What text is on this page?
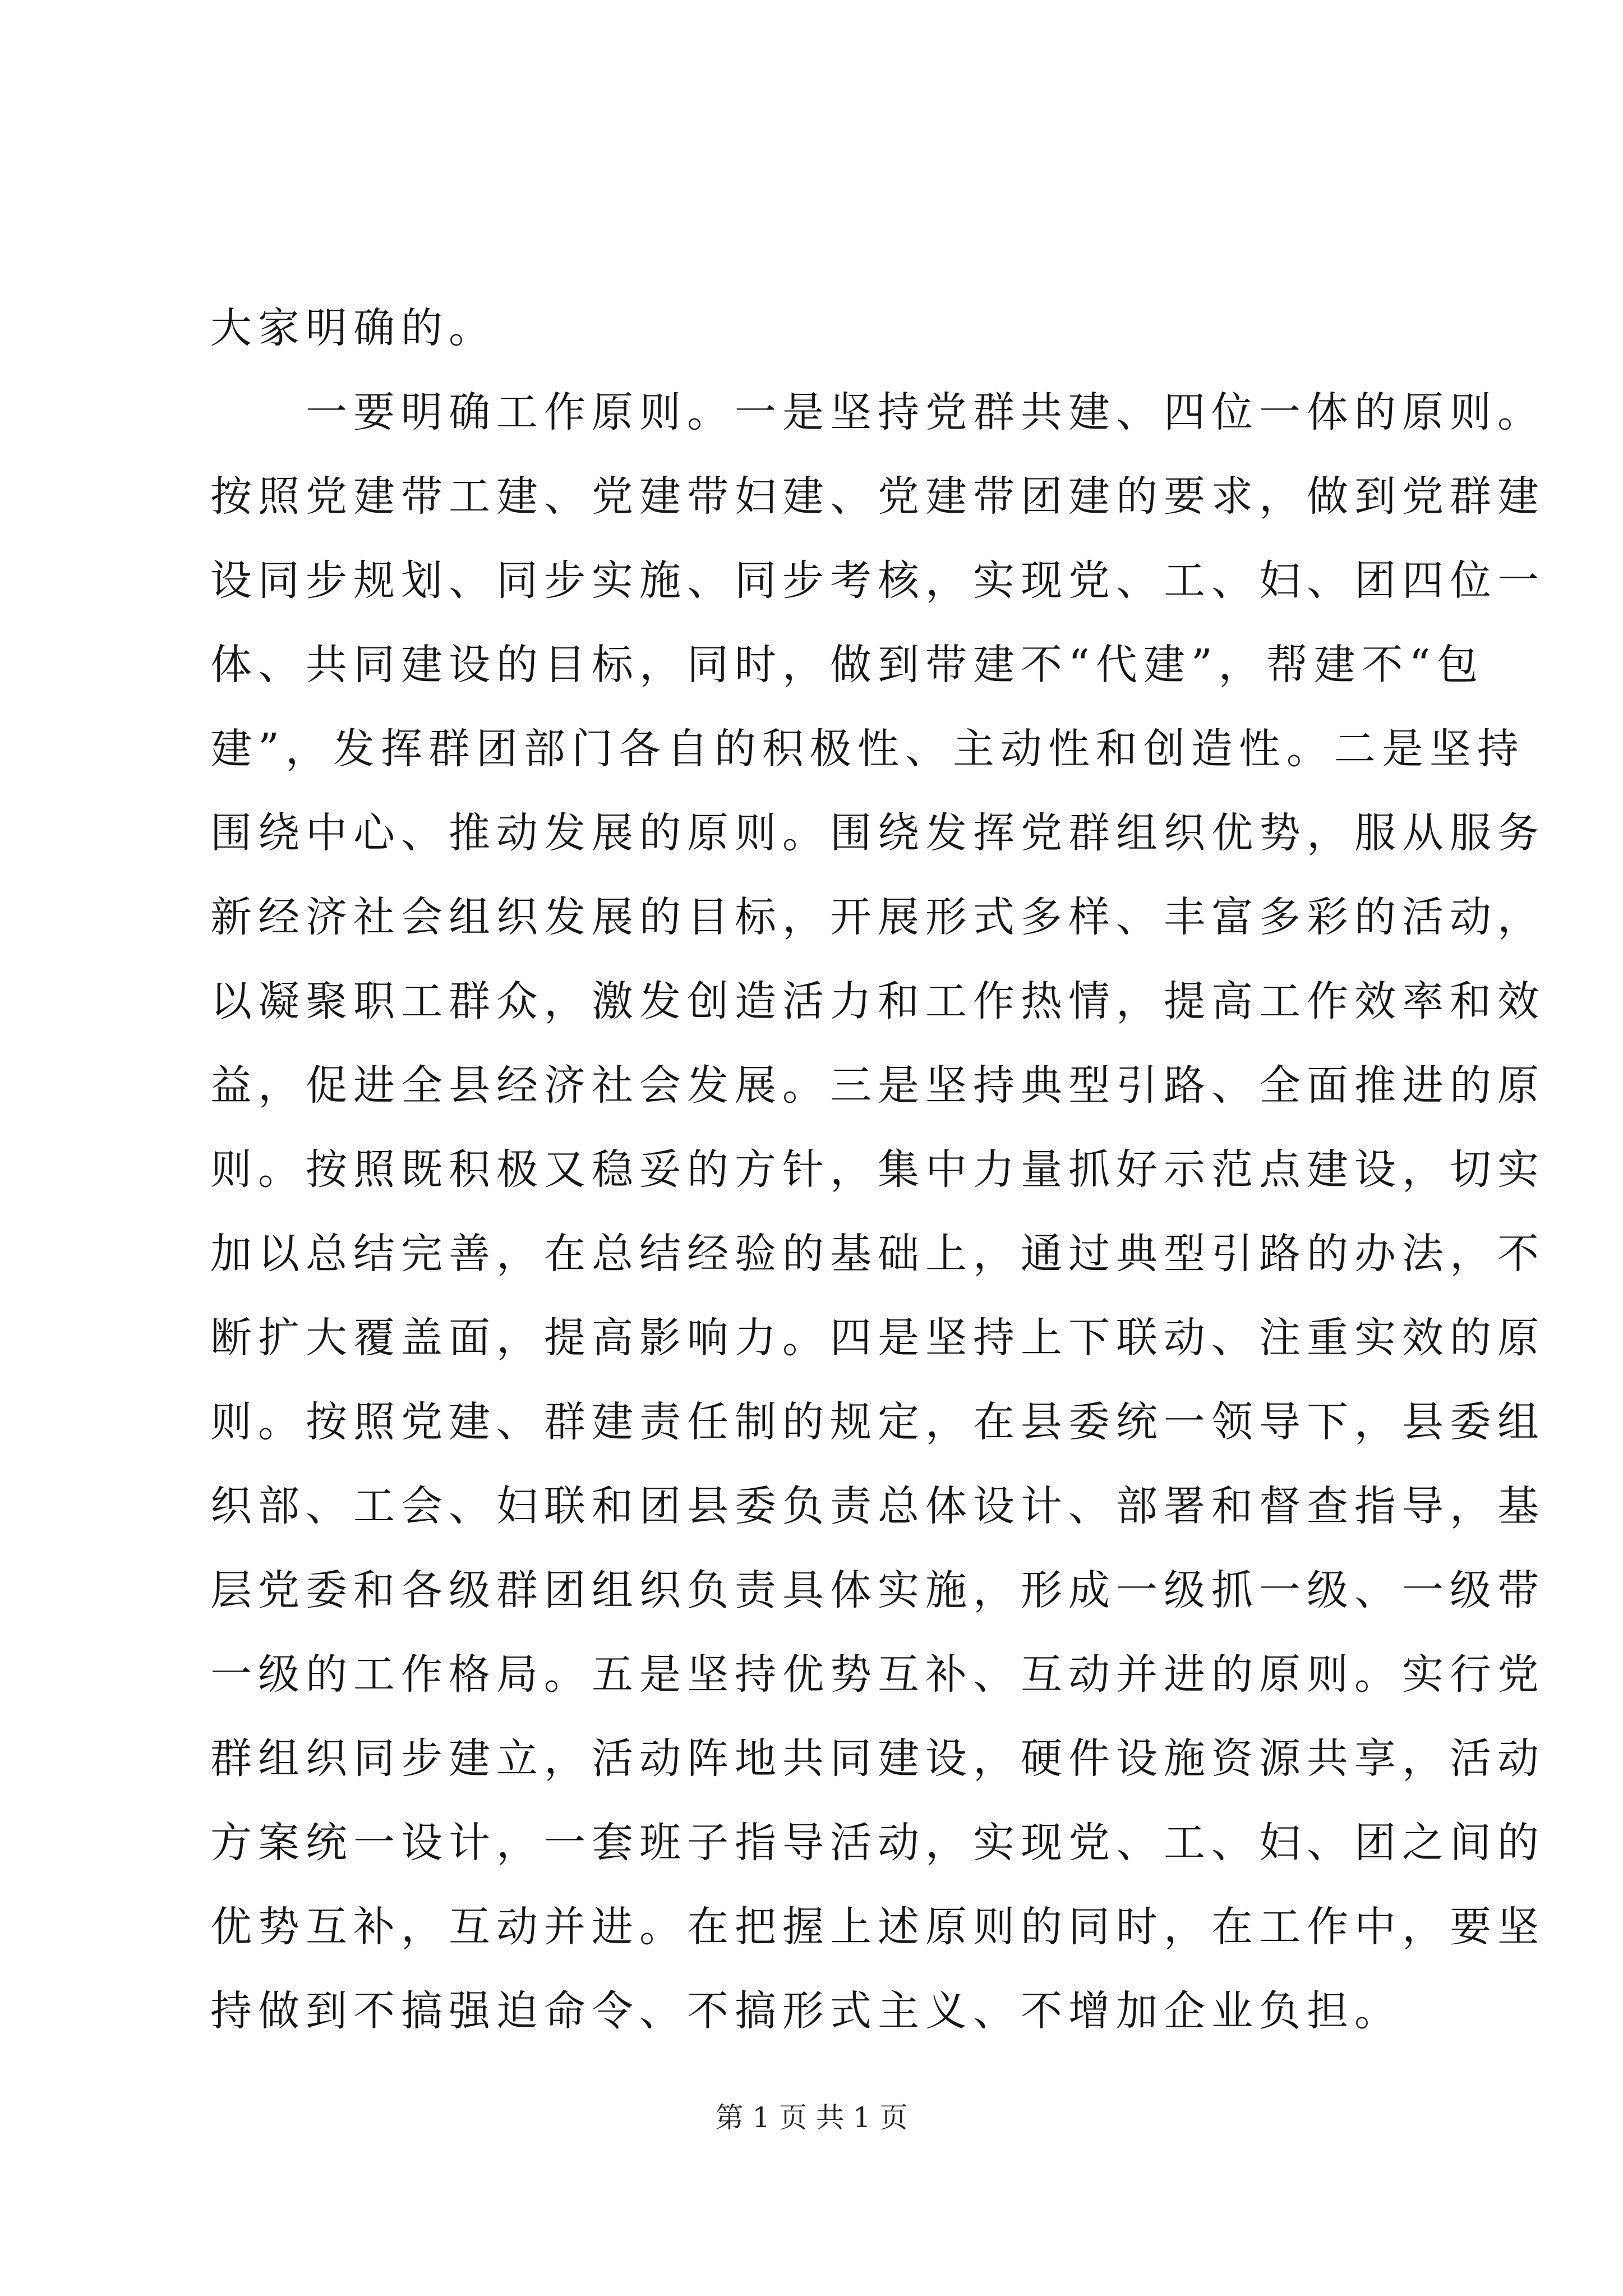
大家明确的。
　　一要明确工作原则。一是坚持党群共建、四位一体的原则。
按照党建带工建、党建带妇建、党建带团建的要求，做到党群建
设同步规划、同步实施、同步考核，实现党、工、妇、团四位一
体、共同建设的目标，同时，做到带建不“代建”，帮建不“包
建”，发挥群团部门各自的积极性、主动性和创造性。二是坚持
围绕中心、推动发展的原则。围绕发挥党群组织优势，服从服务
新经济社会组织发展的目标，开展形式多样、丰富多彩的活动，
以凝聚职工群众，激发创造活力和工作热情，提高工作效率和效
益，促进全县经济社会发展。三是坚持典型引路、全面推进的原
则。按照既积极又稳妥的方针，集中力量抓好示范点建设，切实
加以总结完善，在总结经验的基础上，通过典型引路的办法，不
断扩大覆盖面，提高影响力。四是坚持上下联动、注重实效的原
则。按照党建、群建责任制的规定，在县委统一领导下，县委组
织部、工会、妇联和团县委负责总体设计、部署和督查指导，基
层党委和各级群团组织负责具体实施，形成一级抓一级、一级带
一级的工作格局。五是坚持优势互补、互动并进的原则。实行党
群组织同步建立，活动阵地共同建设，硬件设施资源共享，活动
方案统一设计，一套班子指导活动，实现党、工、妇、团之间的
优势互补，互动并进。在把握上述原则的同时，在工作中，要坚
持做到不搞强迫命令、不搞形式主义、不增加企业负担。
第 1 页 共 1 页
